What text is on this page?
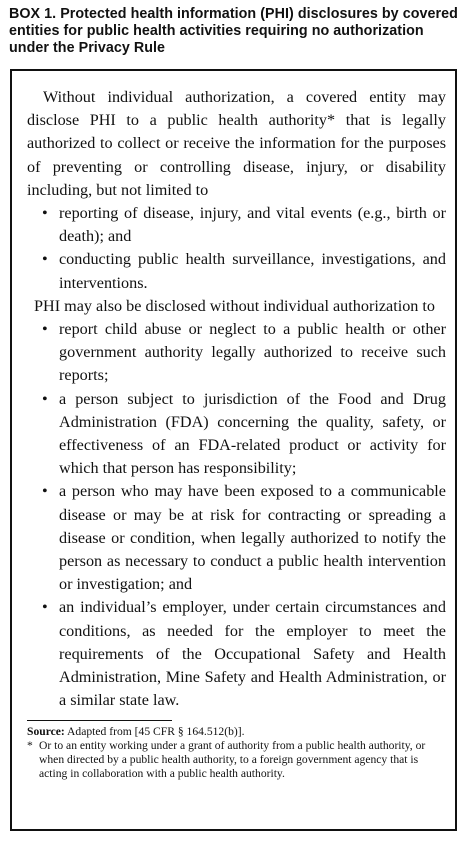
BOX 1. Protected health information (PHI) disclosures by covered entities for public health activities requiring no authorization under the Privacy Rule

Without individual authorization, a covered entity may disclose PHI to a public health authority* that is legally authorized to collect or receive the information for the purposes of preventing or controlling disease, injury, or disability including, but not limited to

• reporting of disease, injury, and vital events (e.g., birth or death); and
• conducting public health surveillance, investigations, and interventions.

PHI may also be disclosed without individual authorization to

• report child abuse or neglect to a public health or other government authority legally authorized to receive such reports;
• a person subject to jurisdiction of the Food and Drug Administration (FDA) concerning the quality, safety, or effectiveness of an FDA-related product or activity for which that person has responsibility;
• a person who may have been exposed to a communicable disease or may be at risk for contracting or spreading a disease or condition, when legally authorized to notify the person as necessary to conduct a public health intervention or investigation; and
• an individual’s employer, under certain circumstances and conditions, as needed for the employer to meet the requirements of the Occupational Safety and Health Administration, Mine Safety and Health Administration, or a similar state law.

Source: Adapted from [45 CFR § 164.512(b)].

* Or to an entity working under a grant of authority from a public health authority, or when directed by a public health authority, to a foreign government agency that is acting in collaboration with a public health authority.
